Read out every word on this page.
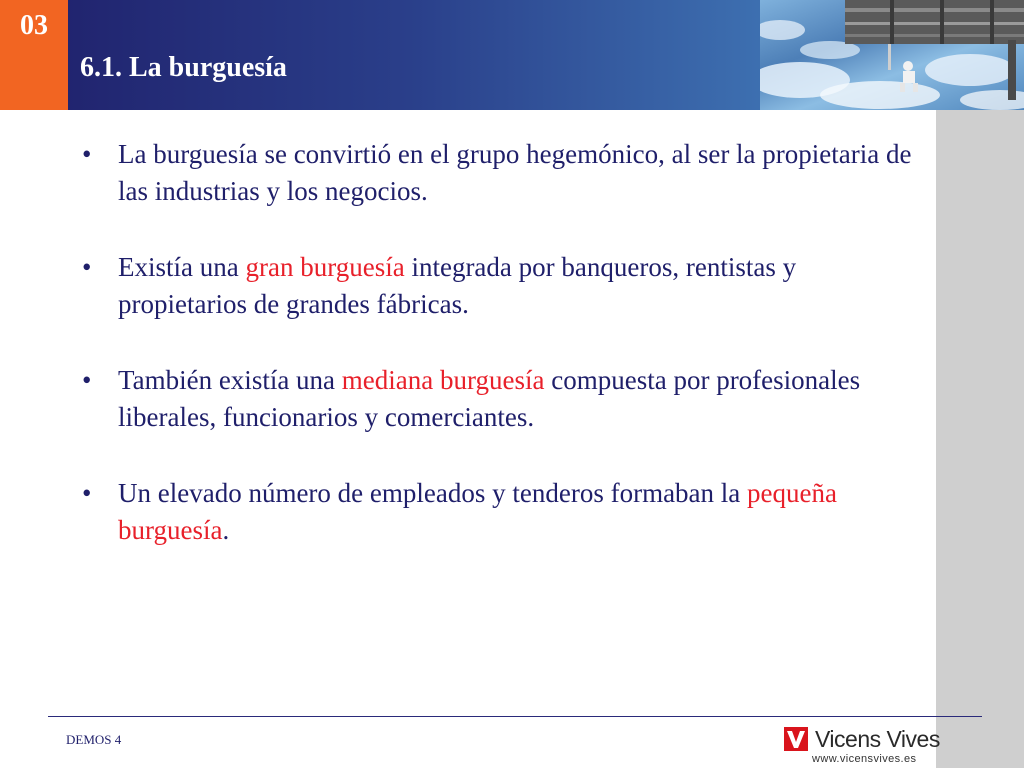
03
6.1. La burguesía
• La burguesía se convirtió en el grupo hegemónico, al ser la propietaria de las industrias y los negocios.
• Existía una gran burguesía integrada por banqueros, rentistas y propietarios de grandes fábricas.
• También existía una mediana burguesía compuesta por profesionales liberales, funcionarios y comerciantes.
• Un elevado número de empleados y tenderos formaban la pequeña burguesía.
DEMOS 4	Vicens Vives
www.vicensvives.es
